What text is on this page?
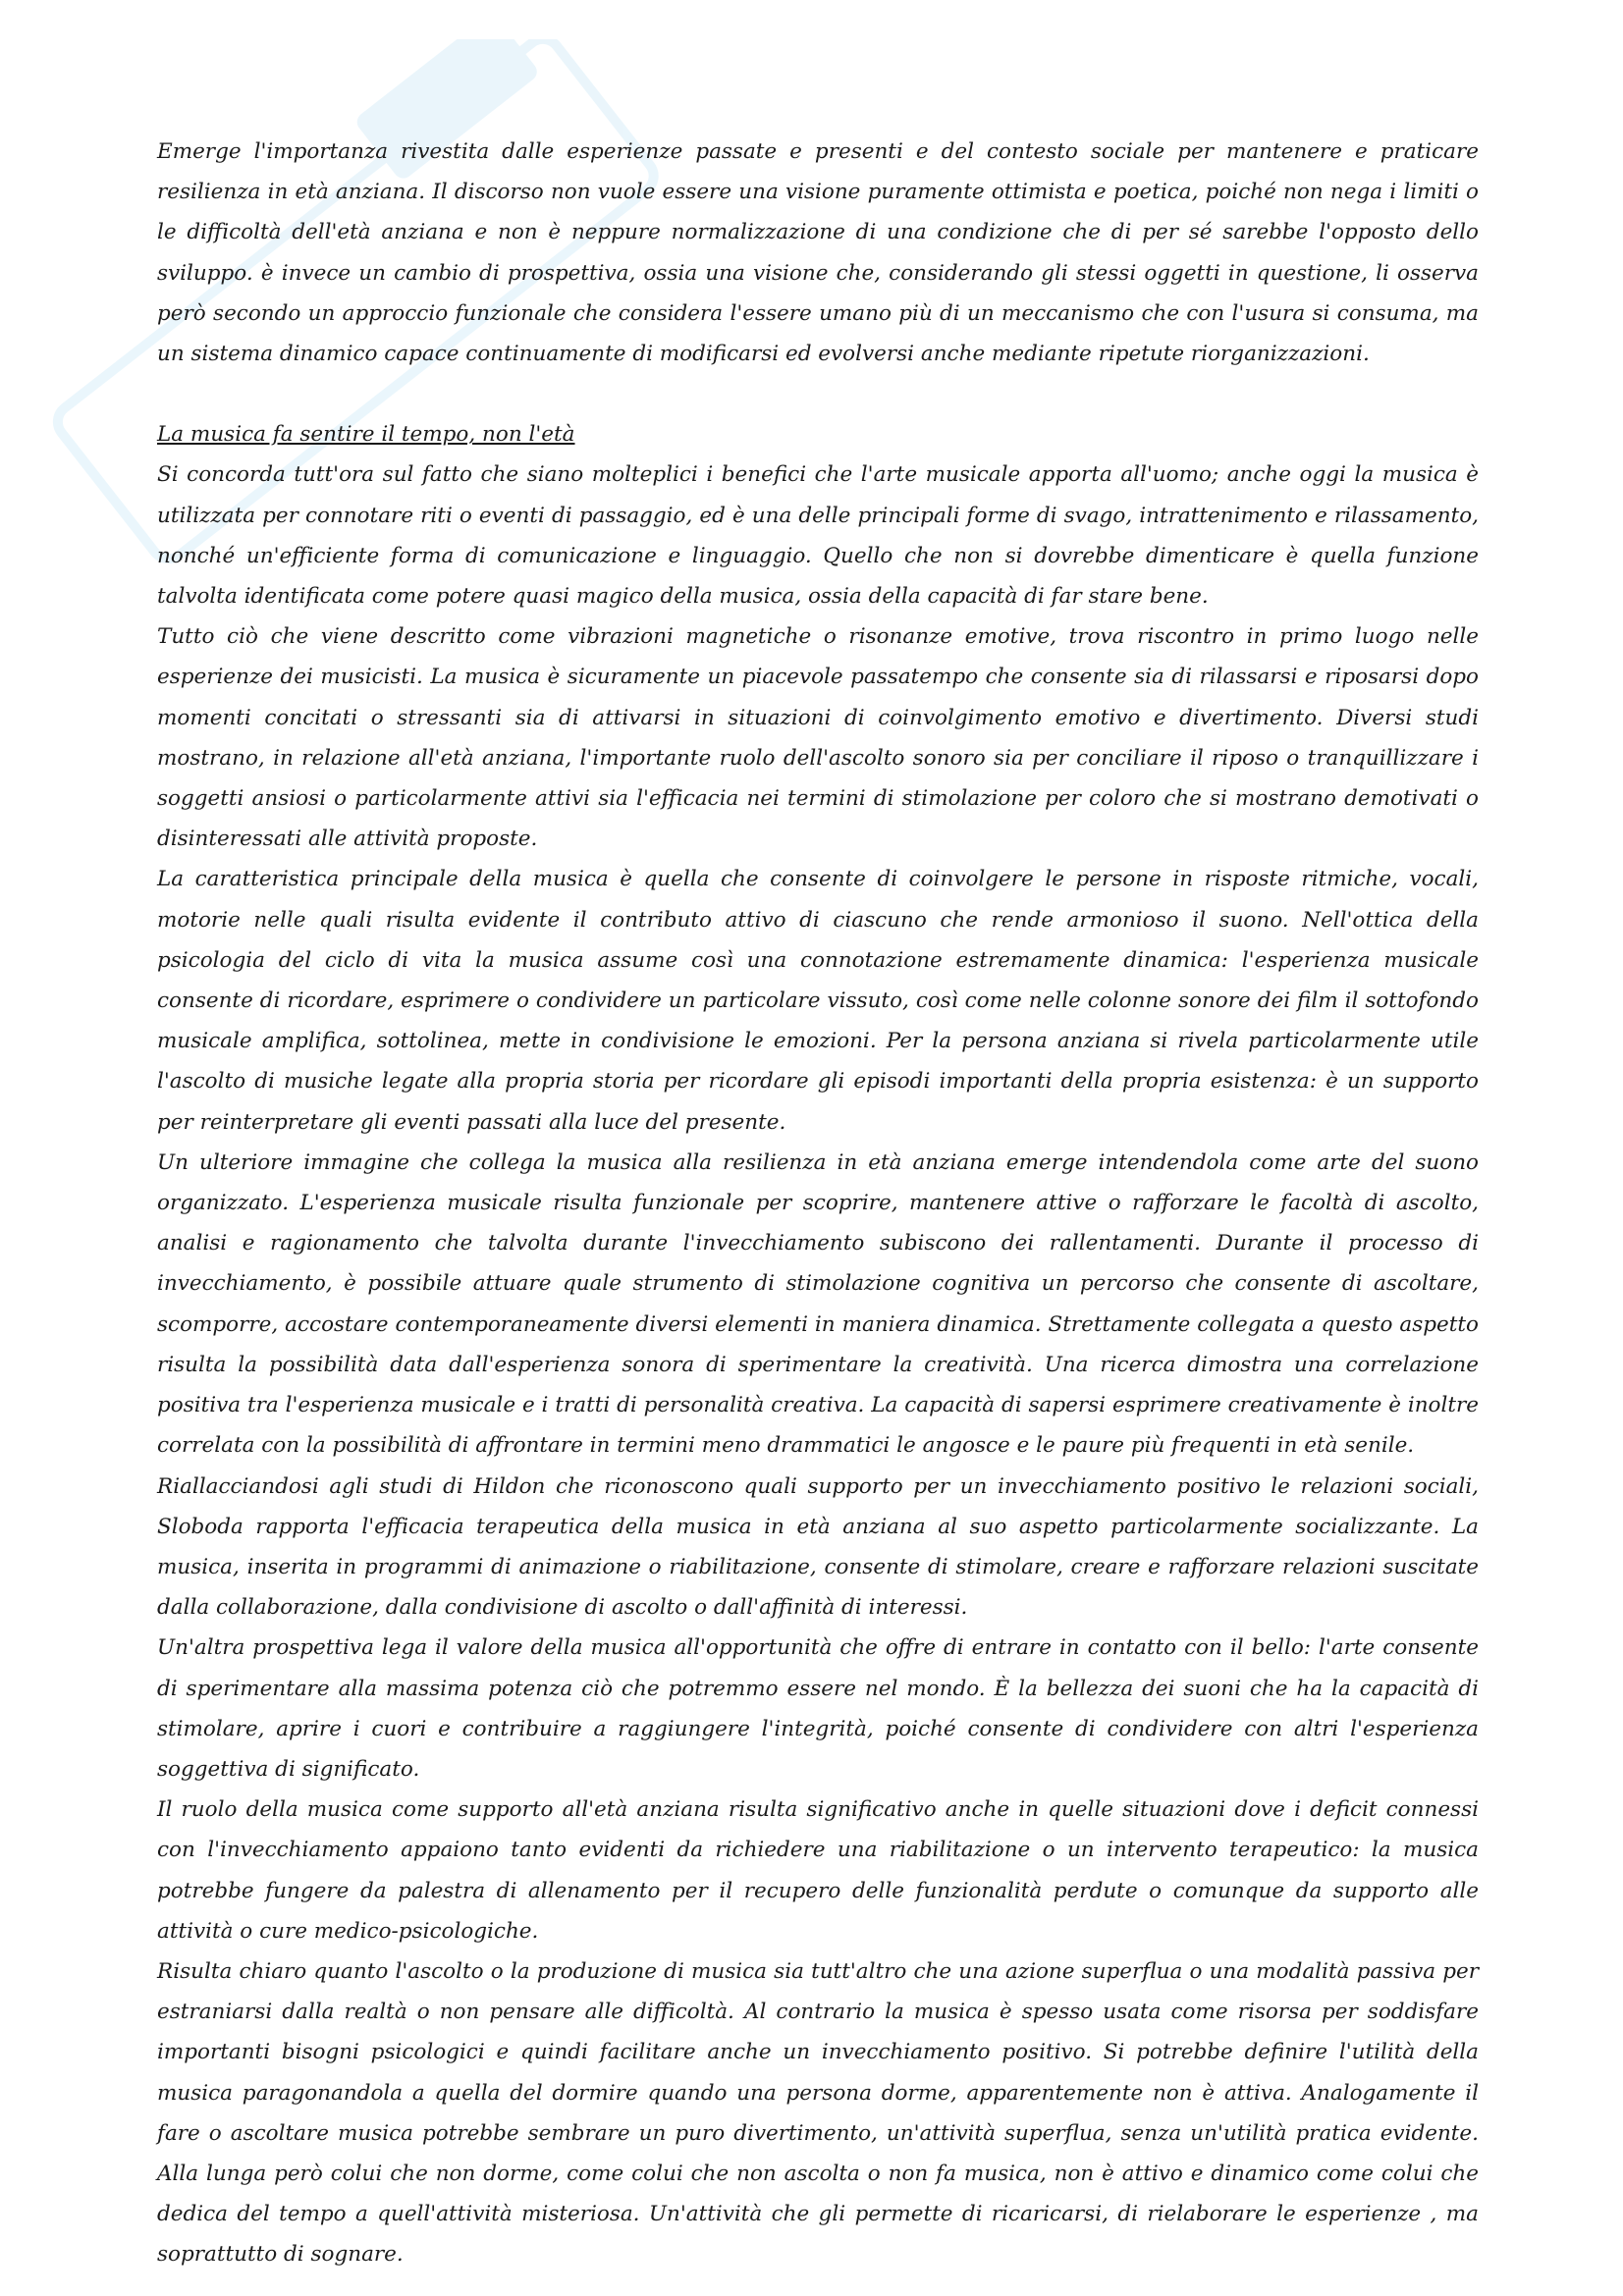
Emerge l'importanza rivestita dalle esperienze passate e presenti e del contesto sociale per mantenere e praticare resilienza in età anziana. Il discorso non vuole essere una visione puramente ottimista e poetica, poiché non nega i limiti o le difficoltà dell'età anziana e non è neppure normalizzazione di una condizione che di per sé sarebbe l'opposto dello sviluppo. è invece un cambio di prospettiva, ossia una visione che, considerando gli stessi oggetti in questione, li osserva però secondo un approccio funzionale che considera l'essere umano più di un meccanismo che con l'usura si consuma, ma un sistema dinamico capace continuamente di modificarsi ed evolversi anche mediante ripetute riorganizzazioni.

La musica fa sentire il tempo, non l'età

Si concorda tutt'ora sul fatto che siano molteplici i benefici che l'arte musicale apporta all'uomo; anche oggi la musica è utilizzata per connotare riti o eventi di passaggio, ed è una delle principali forme di svago, intrattenimento e rilassamento, nonché un'efficiente forma di comunicazione e linguaggio. Quello che non si dovrebbe dimenticare è quella funzione talvolta identificata come potere quasi magico della musica, ossia della capacità di far stare bene.

Tutto ciò che viene descritto come vibrazioni magnetiche o risonanze emotive, trova riscontro in primo luogo nelle esperienze dei musicisti. La musica è sicuramente un piacevole passatempo che consente sia di rilassarsi e riposarsi dopo momenti concitati o stressanti sia di attivarsi in situazioni di coinvolgimento emotivo e divertimento. Diversi studi mostrano, in relazione all'età anziana, l'importante ruolo dell'ascolto sonoro sia per conciliare il riposo o tranquillizzare i soggetti ansiosi o particolarmente attivi sia l'efficacia nei termini di stimolazione per coloro che si mostrano demotivati o disinteressati alle attività proposte.

La caratteristica principale della musica è quella che consente di coinvolgere le persone in risposte ritmiche, vocali, motorie nelle quali risulta evidente il contributo attivo di ciascuno che rende armonioso il suono. Nell'ottica della psicologia del ciclo di vita la musica assume così una connotazione estremamente dinamica: l'esperienza musicale consente di ricordare, esprimere o condividere un particolare vissuto, così come nelle colonne sonore dei film il sottofondo musicale amplifica, sottolinea, mette in condivisione le emozioni. Per la persona anziana si rivela particolarmente utile l'ascolto di musiche legate alla propria storia per ricordare gli episodi importanti della propria esistenza: è un supporto per reinterpretare gli eventi passati alla luce del presente.

Un ulteriore immagine che collega la musica alla resilienza in età anziana emerge intendendola come arte del suono organizzato. L'esperienza musicale risulta funzionale per scoprire, mantenere attive o rafforzare le facoltà di ascolto, analisi e ragionamento che talvolta durante l'invecchiamento subiscono dei rallentamenti. Durante il processo di invecchiamento, è possibile attuare quale strumento di stimolazione cognitiva un percorso che consente di ascoltare, scomporre, accostare contemporaneamente diversi elementi in maniera dinamica. Strettamente collegata a questo aspetto risulta la possibilità data dall'esperienza sonora di sperimentare la creatività. Una ricerca dimostra una correlazione positiva tra l'esperienza musicale e i tratti di personalità creativa. La capacità di sapersi esprimere creativamente è inoltre correlata con la possibilità di affrontare in termini meno drammatici le angosce e le paure più frequenti in età senile.

Riallacciandosi agli studi di Hildon che riconoscono quali supporto per un invecchiamento positivo le relazioni sociali, Sloboda rapporta l'efficacia terapeutica della musica in età anziana al suo aspetto particolarmente socializzante. La musica, inserita in programmi di animazione o riabilitazione, consente di stimolare, creare e rafforzare relazioni suscitate dalla collaborazione, dalla condivisione di ascolto o dall'affinità di interessi.

Un'altra prospettiva lega il valore della musica all'opportunità che offre di entrare in contatto con il bello: l'arte consente di sperimentare alla massima potenza ciò che potremmo essere nel mondo. È la bellezza dei suoni che ha la capacità di stimolare, aprire i cuori e contribuire a raggiungere l'integrità, poiché consente di condividere con altri l'esperienza soggettiva di significato.

Il ruolo della musica come supporto all'età anziana risulta significativo anche in quelle situazioni dove i deficit connessi con l'invecchiamento appaiono tanto evidenti da richiedere una riabilitazione o un intervento terapeutico: la musica potrebbe fungere da palestra di allenamento per il recupero delle funzionalità perdute o comunque da supporto alle attività o cure medico-psicologiche.

Risulta chiaro quanto l'ascolto o la produzione di musica sia tutt'altro che una azione superflua o una modalità passiva per estraniarsi dalla realtà o non pensare alle difficoltà. Al contrario la musica è spesso usata come risorsa per soddisfare importanti bisogni psicologici e quindi facilitare anche un invecchiamento positivo. Si potrebbe definire l'utilità della musica paragonandola a quella del dormire quando una persona dorme, apparentemente non è attiva. Analogamente il fare o ascoltare musica potrebbe sembrare un puro divertimento, un'attività superflua, senza un'utilità pratica evidente. Alla lunga però colui che non dorme, come colui che non ascolta o non fa musica, non è attivo e dinamico come colui che dedica del tempo a quell'attività misteriosa. Un'attività che gli permette di ricaricarsi, di rielaborare le esperienze , ma soprattutto di sognare.
